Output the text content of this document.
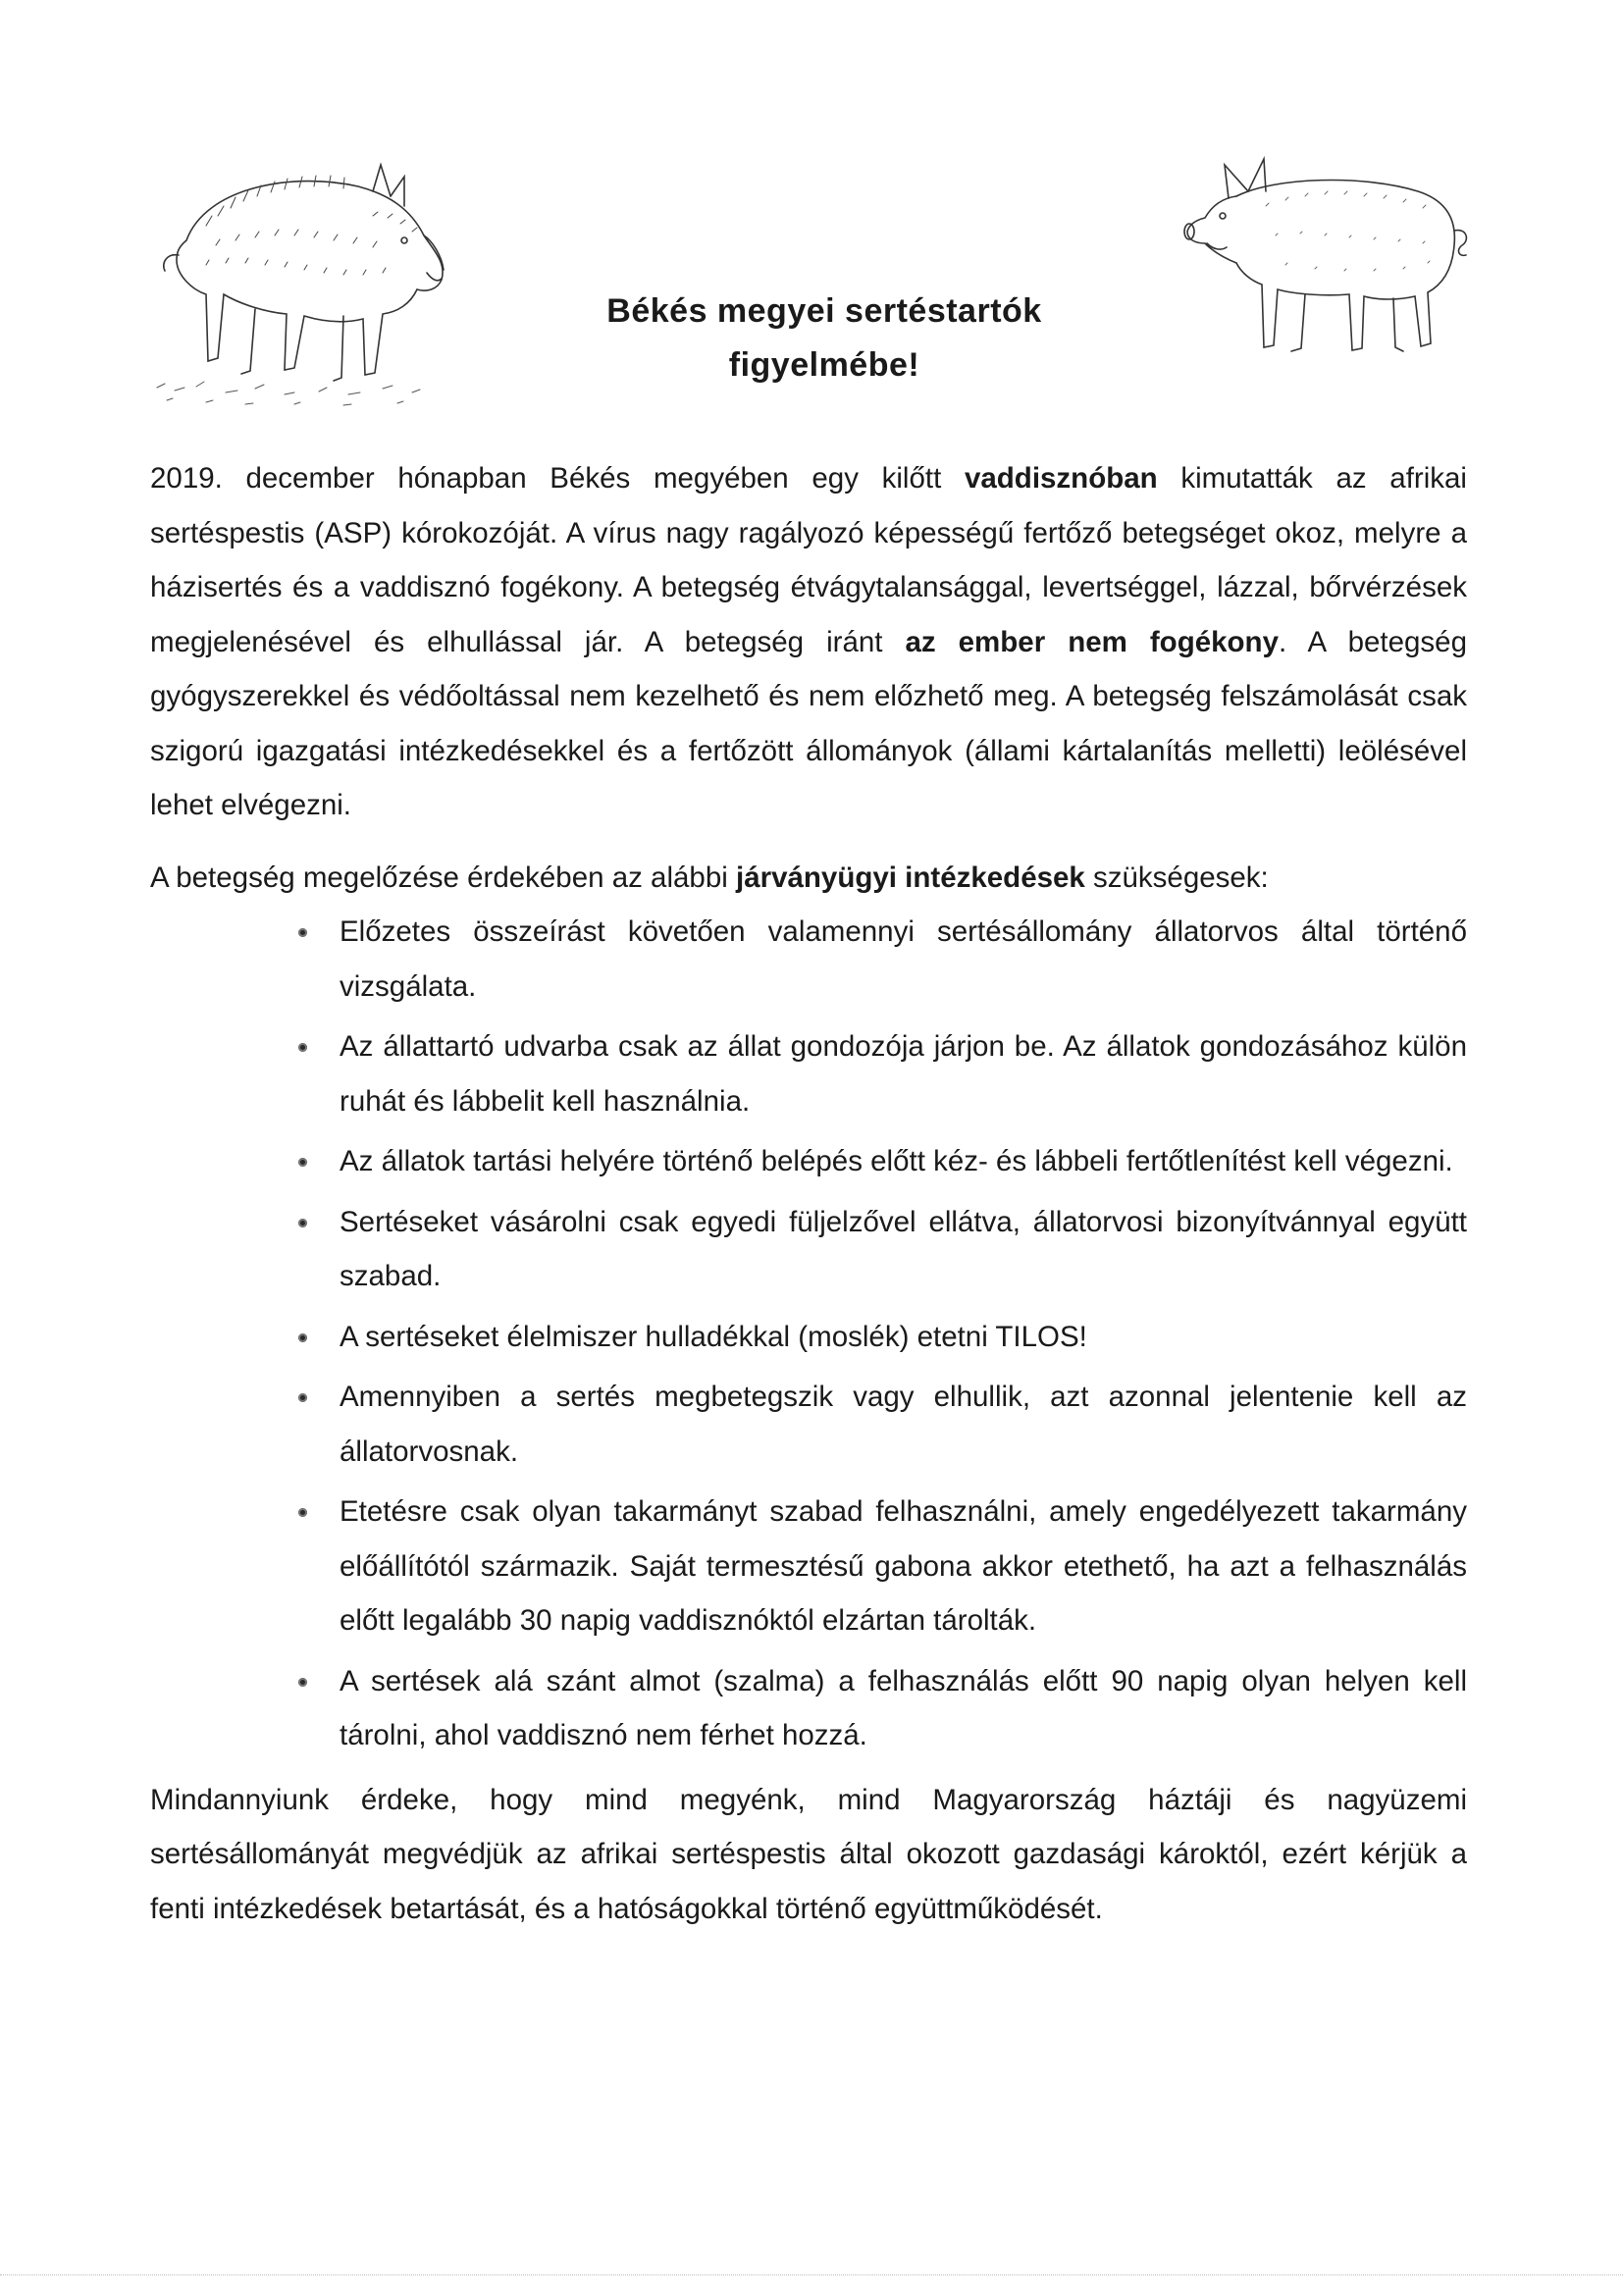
Békés megyei sertéstartók
figyelmébe!

2019. december hónapban Békés megyében egy kilőtt vaddisznóban kimutatták az afrikai sertéspestis (ASP) kórokozóját. A vírus nagy ragályozó képességű fertőző betegséget okoz, melyre a házisertés és a vaddisznó fogékony. A betegség étvágytalansággal, levertséggel, lázzal, bőrvérzések megjelenésével és elhullással jár. A betegség iránt az ember nem fogékony. A betegség gyógyszerekkel és védőoltással nem kezelhető és nem előzhető meg. A betegség felszámolását csak szigorú igazgatási intézkedésekkel és a fertőzött állományok (állami kártalanítás melletti) leölésével lehet elvégezni.

A betegség megelőzése érdekében az alábbi járványügyi intézkedések szükségesek:

Előzetes összeírást követően valamennyi sertésállomány állatorvos által történő vizsgálata.
Az állattartó udvarba csak az állat gondozója járjon be. Az állatok gondozásához külön ruhát és lábbelit kell használnia.
Az állatok tartási helyére történő belépés előtt kéz- és lábbeli fertőtlenítést kell végezni.
Sertéseket vásárolni csak egyedi füljelzővel ellátva, állatorvosi bizonyítvánnyal együtt szabad.
A sertéseket élelmiszer hulladékkal (moslék) etetni TILOS!
Amennyiben a sertés megbetegszik vagy elhullik, azt azonnal jelentenie kell az állatorvosnak.
Etetésre csak olyan takarmányt szabad felhasználni, amely engedélyezett takarmány előállítótól származik. Saját termesztésű gabona akkor etethető, ha azt a felhasználás előtt legalább 30 napig vaddisznóktól elzártan tárolták.
A sertések alá szánt almot (szalma) a felhasználás előtt 90 napig olyan helyen kell tárolni, ahol vaddisznó nem férhet hozzá.

Mindannyiunk érdeke, hogy mind megyénk, mind Magyarország háztáji és nagyüzemi sertésállományát megvédjük az afrikai sertéspestis által okozott gazdasági károktól, ezért kérjük a fenti intézkedések betartását, és a hatóságokkal történő együttműködését.
